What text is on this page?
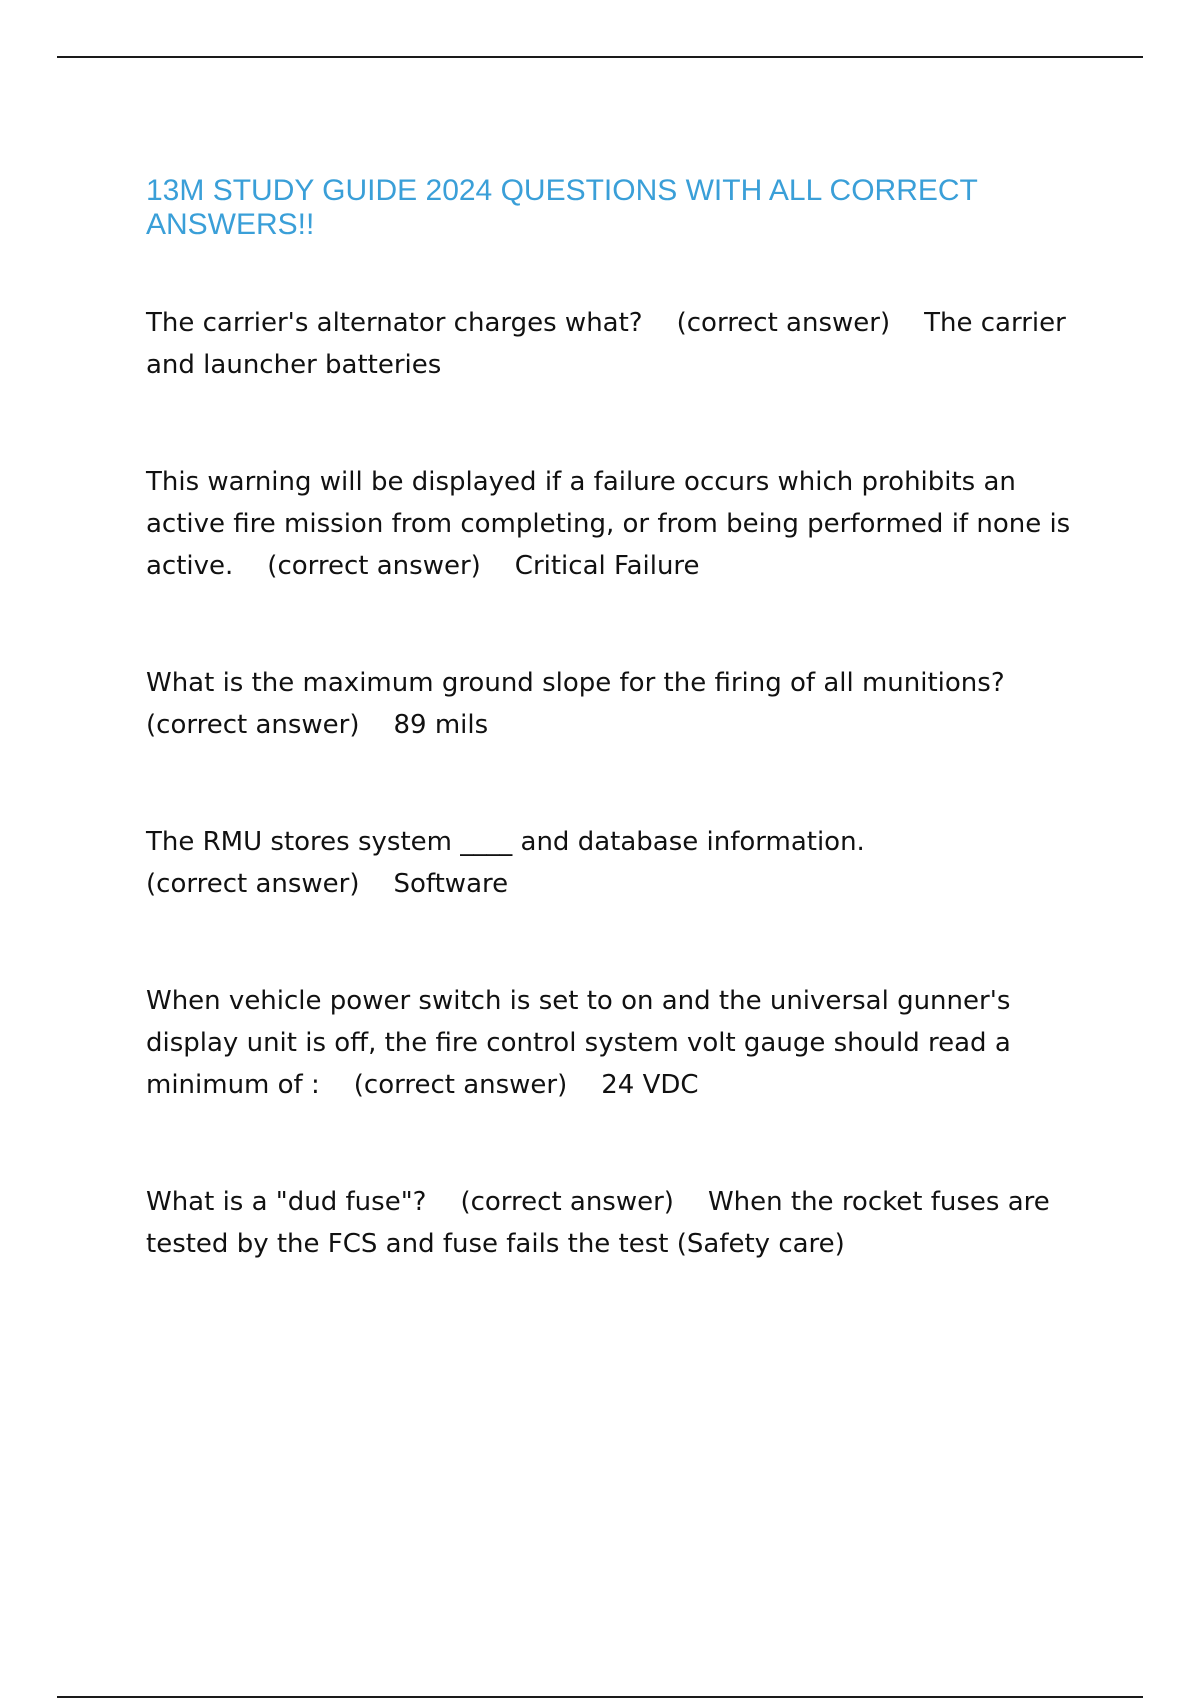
13M STUDY GUIDE 2024 QUESTIONS WITH ALL CORRECT ANSWERS!!

The carrier's alternator charges what? (correct answer) The carrier and launcher batteries

This warning will be displayed if a failure occurs which prohibits an active fire mission from completing, or from being performed if none is active. (correct answer) Critical Failure

What is the maximum ground slope for the firing of all munitions?(correct answer) 89 mils

The RMU stores system ____ and database information.(correct answer) Software

When vehicle power switch is set to on and the universal gunner's display unit is off, the fire control system volt gauge should read a minimum of : (correct answer) 24 VDC

What is a "dud fuse"? (correct answer) When the rocket fuses are tested by the FCS and fuse fails the test (Safety care)
